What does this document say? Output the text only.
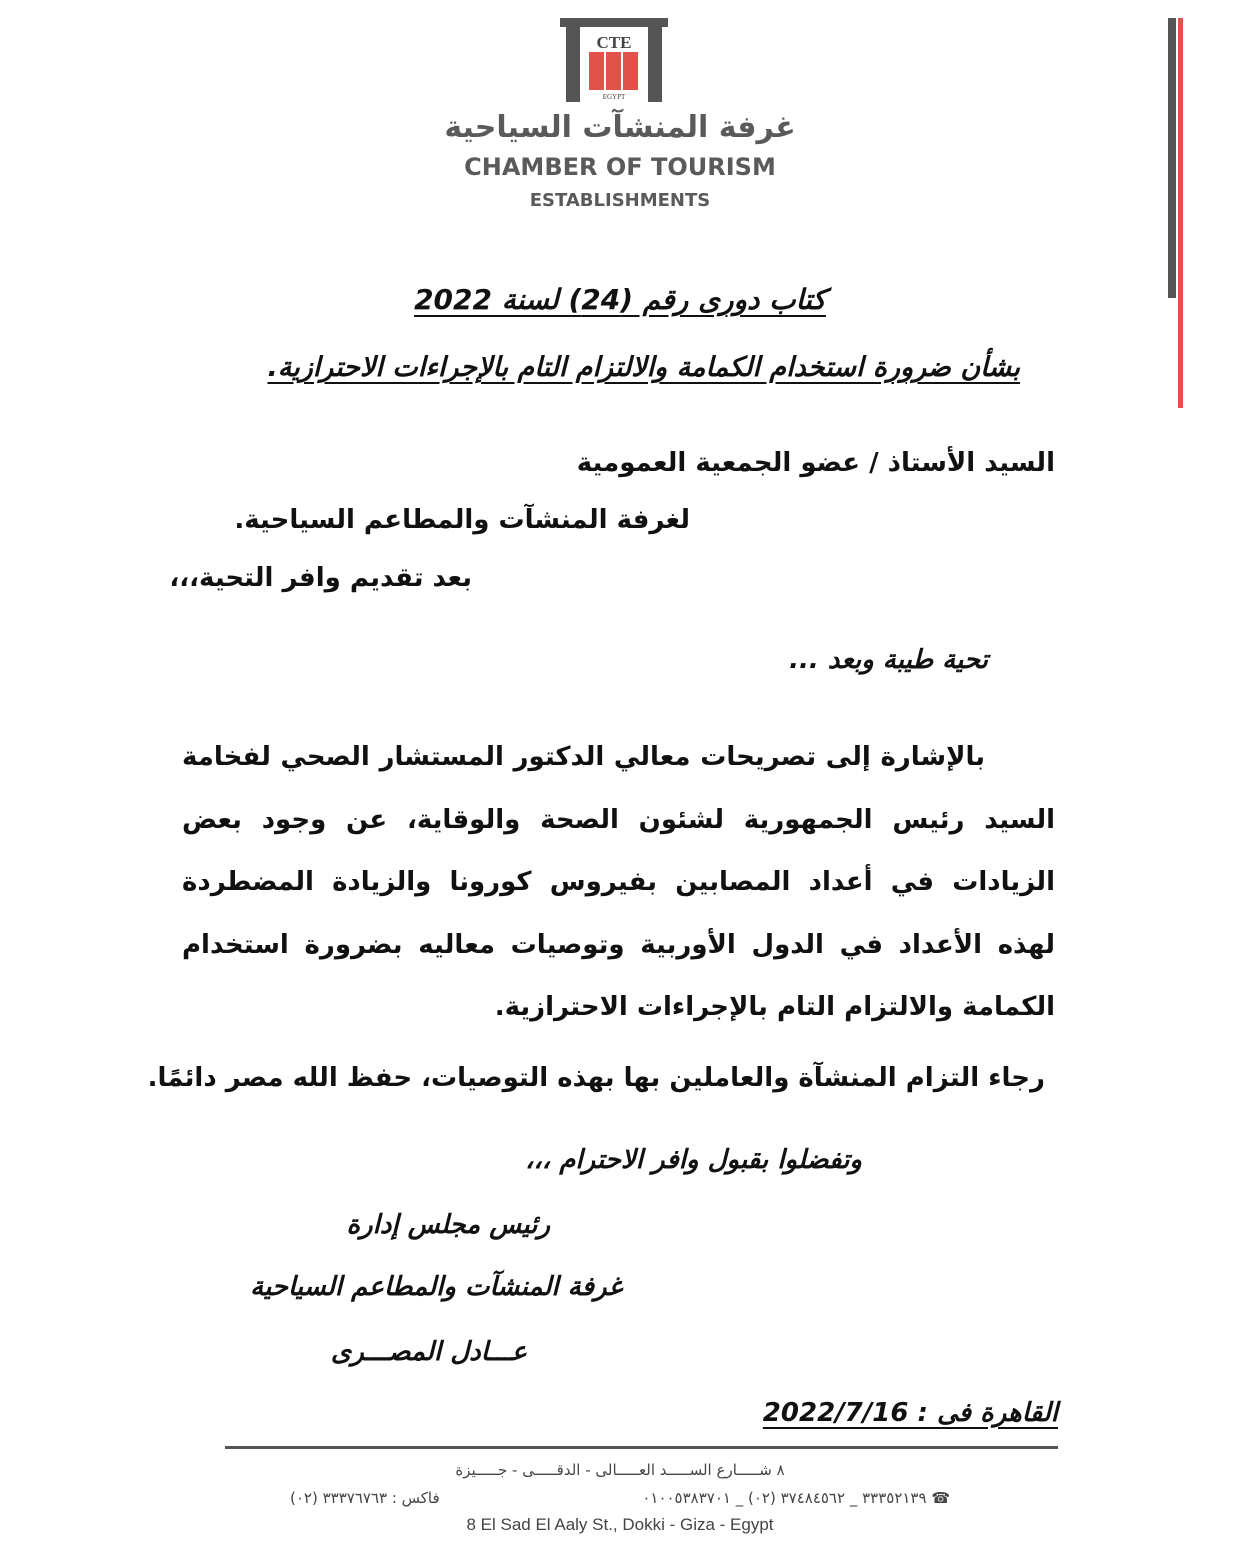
CTE
EGYPT
غرفة المنشآت السياحية
CHAMBER OF TOURISM
ESTABLISHMENTS
كتاب دورى رقم (24) لسنة 2022
بشأن ضرورة استخدام الكمامة والالتزام التام بالإجراءات الاحترازية.
السيد الأستاذ / عضو الجمعية العمومية
لغرفة المنشآت والمطاعم السياحية.
بعد تقديم وافر التحية،،،
تحية طيبة وبعد ...
بالإشارة إلى تصريحات معالي الدكتور المستشار الصحي لفخامة السيد رئيس الجمهورية لشئون الصحة والوقاية، عن وجود بعض الزيادات في أعداد المصابين بفيروس كورونا والزيادة المضطردة لهذه الأعداد في الدول الأوربية وتوصيات معاليه بضرورة استخدام الكمامة والالتزام التام بالإجراءات الاحترازية.
رجاء التزام المنشآة والعاملين بها بهذه التوصيات، حفظ الله مصر دائمًا.
وتفضلوا بقبول وافر الاحترام ،،،
رئيس مجلس إدارة
غرفة المنشآت والمطاعم السياحية
عـــادل المصـــرى
القاهرة فى : 2022/7/16
٨ شـــــارع الســـــد العـــــالى - الدقـــــى - جـــــيزة
☎ ٣٣٣٥٢١٣٩ _ ٣٧٤٨٤٥٦٢ (٠٢) _ ٠١٠٠٥٣٨٣٧٠١
فاكس : ٣٣٣٧٦٧٦٣ (٠٢)
8 El Sad El Aaly St., Dokki - Giza - Egypt
